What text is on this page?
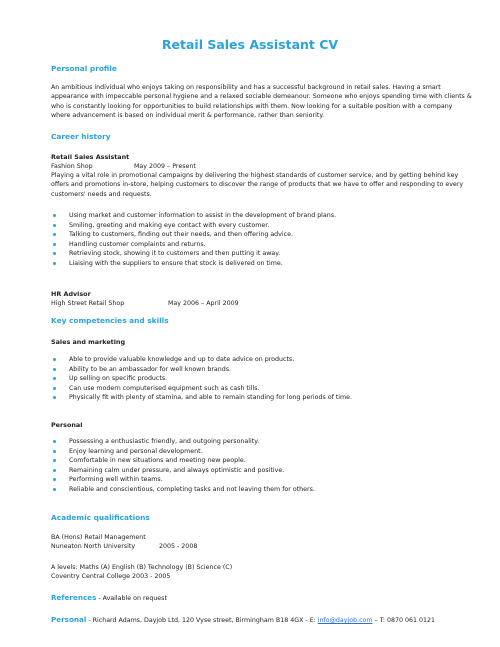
Retail Sales Assistant CV
Personal profile

An ambitious individual who enjoys taking on responsibility and has a successful background in retail sales. Having a smart appearance with impeccable personal hygiene and a relaxed sociable demeanour. Someone who enjoys spending time with clients & who is constantly looking for opportunities to build relationships with them. Now looking for a suitable position with a company where advancement is based on individual merit & performance, rather than seniority.

Career history
Retail Sales Assistant
Fashion Shop	May 2009 – Present

Playing a vital role in promotional campaigns by delivering the highest standards of customer service, and by getting behind key offers and promotions in-store, helping customers to discover the range of products that we have to offer and responding to every customers' needs and requests.

Using market and customer information to assist in the development of brand plans.
Smiling, greeting and making eye contact with every customer.
Talking to customers, finding out their needs, and then offering advice.
Handling customer complaints and returns.
Retrieving stock, showing it to customers and then putting it away.
Liaising with the suppliers to ensure that stock is delivered on time.
HR Advisor
High Street Retail Shop	May 2006 – April 2009
Key competencies and skills
Sales and marketing
Able to provide valuable knowledge and up to date advice on products.
Ability to be an ambassador for well known brands.
Up selling on specific products.
Can use modern computerised equipment such as cash tills.
Physically fit with plenty of stamina, and able to remain standing for long periods of time.
Personal
Possessing a enthusiastic friendly, and outgoing personality.
Enjoy learning and personal development.
Comfortable in new situations and meeting new people.
Remaining calm under pressure, and always optimistic and positive.
Performing well within teams.
Reliable and conscientious, completing tasks and not leaving them for others.
Academic qualifications
BA (Hons) Retail Management
Nuneaton North University	2005 - 2008
A levels: Maths (A) English (B) Technology (B) Science (C)
Coventry Central College 2003 - 2005
References - Available on request
Personal - Richard Adams, Dayjob Ltd, 120 Vyse street, Birmingham B18 4GX - E: info@dayjob.com – T: 0870 061 0121
